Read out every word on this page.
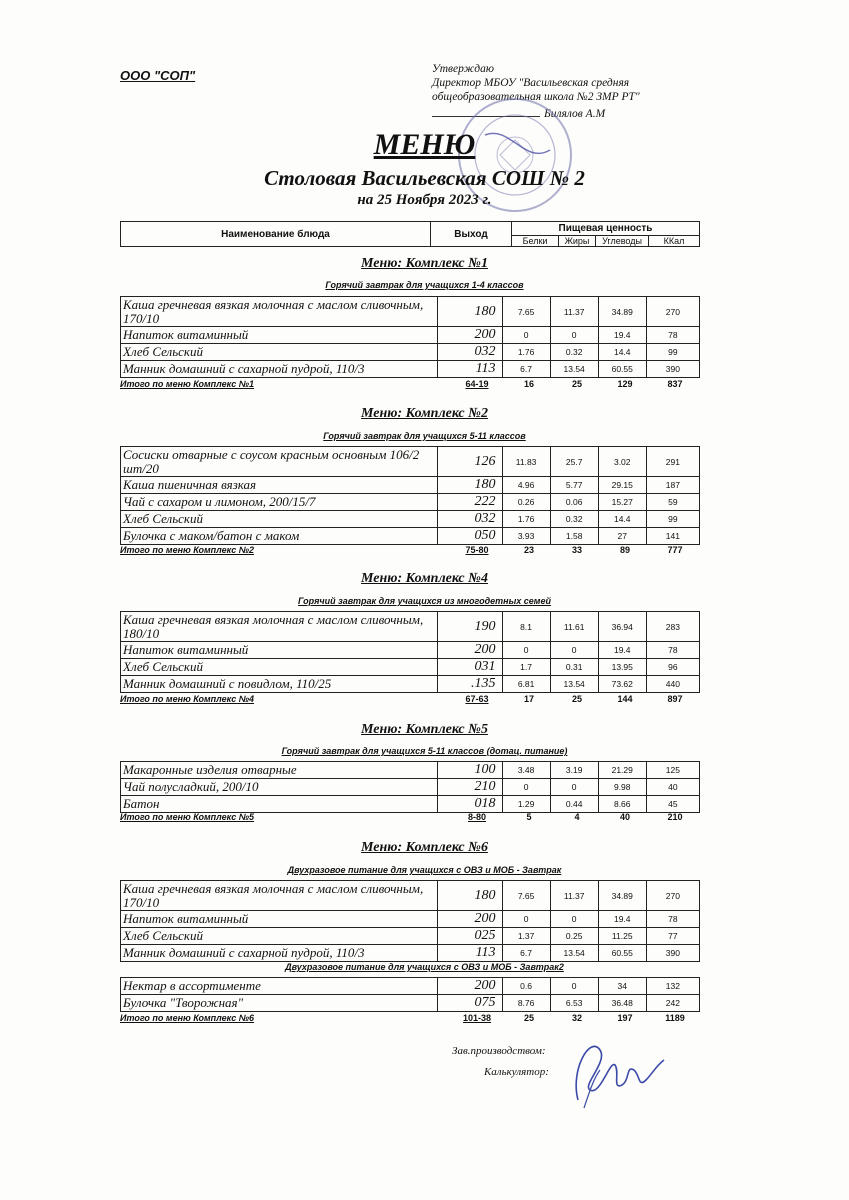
ООО "СОП"	Утверждаю
Директор МБОУ "Васильевская средняя
общеобразовательная школа №2 ЗМР РТ"
Билялов А.М
МЕНЮ
Столовая Васильевская СОШ № 2
на 25 Ноября 2023 г.
Наименование блюда	Выход	Пищевая ценность			
		Белки	Жиры	Углеводы	ККал
Меню: Комплекс №1
Горячий завтрак для учащихся 1-4 классов
Каша гречневая вязкая молочная с маслом сливочным, 170/10	180	7.65	11.37	34.89	270
Напиток витаминный	200	0	0	19.4	78
Хлеб Сельский	032	1.76	0.32	14.4	99
Манник домашний с сахарной пудрой, 110/3	113	6.7	13.54	60.55	390
Итого по меню Комплекс №1	64-19	16	25	129	837
Меню: Комплекс №2
Горячий завтрак для учащихся 5-11 классов
Сосиски отварные с соусом красным основным 106/2 шт/20	126	11.83	25.7	3.02	291
Каша пшеничная вязкая	180	4.96	5.77	29.15	187
Чай с сахаром и лимоном, 200/15/7	222	0.26	0.06	15.27	59
Хлеб Сельский	032	1.76	0.32	14.4	99
Булочка с маком/батон с маком	050	3.93	1.58	27	141
Итого по меню Комплекс №2	75-80	23	33	89	777
Меню: Комплекс №4
Горячий завтрак для учащихся из многодетных семей
Каша гречневая вязкая молочная с маслом сливочным, 180/10	190	8.1	11.61	36.94	283
Напиток витаминный	200	0	0	19.4	78
Хлеб Сельский	031	1.7	0.31	13.95	96
Манник домашний с повидлом, 110/25	.135	6.81	13.54	73.62	440
Итого по меню Комплекс №4	67-63	17	25	144	897
Меню: Комплекс №5
Горячий завтрак для учащихся 5-11 классов (дотац. питание)
Макаронные изделия отварные	100	3.48	3.19	21.29	125
Чай полусладкий, 200/10	210	0	0	9.98	40
Батон	018	1.29	0.44	8.66	45
Итого по меню Комплекс №5	8-80	5	4	40	210
Меню: Комплекс №6
Двухразовое питание для учащихся с ОВЗ и МОБ - Завтрак
Каша гречневая вязкая молочная с маслом сливочным, 170/10	180	7.65	11.37	34.89	270
Напиток витаминный	200	0	0	19.4	78
Хлеб Сельский	025	1.37	0.25	11.25	77
Манник домашний с сахарной пудрой, 110/3	113	6.7	13.54	60.55	390
Двухразовое питание для учащихся с ОВЗ и МОБ - Завтрак2
Нектар в ассортименте	200	0.6	0	34	132
Булочка "Творожная"	075	8.76	6.53	36.48	242
Итого по меню Комплекс №6	101-38	25	32	197	1189
Зав.производством:
Калькулятор:
